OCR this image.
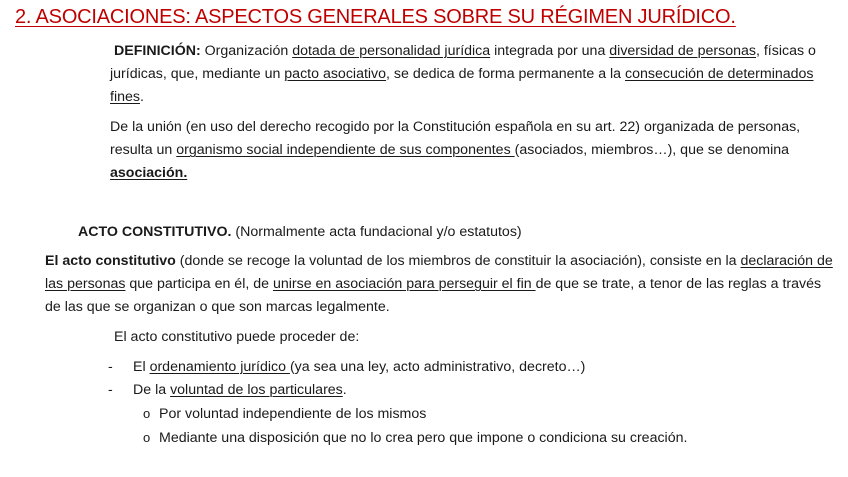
2. ASOCIACIONES: ASPECTOS GENERALES SOBRE SU RÉGIMEN JURÍDICO.
DEFINICIÓN: Organización dotada de personalidad jurídica integrada por una diversidad de personas, físicas o jurídicas, que, mediante un pacto asociativo, se dedica de forma permanente a la consecución de determinados fines.
De la unión (en uso del derecho recogido por la Constitución española en su art. 22) organizada de personas, resulta un organismo social independiente de sus componentes (asociados, miembros…), que se denomina asociación.
ACTO CONSTITUTIVO. (Normalmente acta fundacional y/o estatutos)
El acto constitutivo (donde se recoge la voluntad de los miembros de constituir la asociación), consiste en la declaración de las personas que participa en él, de unirse en asociación para perseguir el fin de que se trate, a tenor de las reglas a través de las que se organizan o que son marcas legalmente.
El acto constitutivo puede proceder de:
- El ordenamiento jurídico (ya sea una ley, acto administrativo, decreto…)
- De la voluntad de los particulares.
o Por voluntad independiente de los mismos
o Mediante una disposición que no lo crea pero que impone o condiciona su creación.
